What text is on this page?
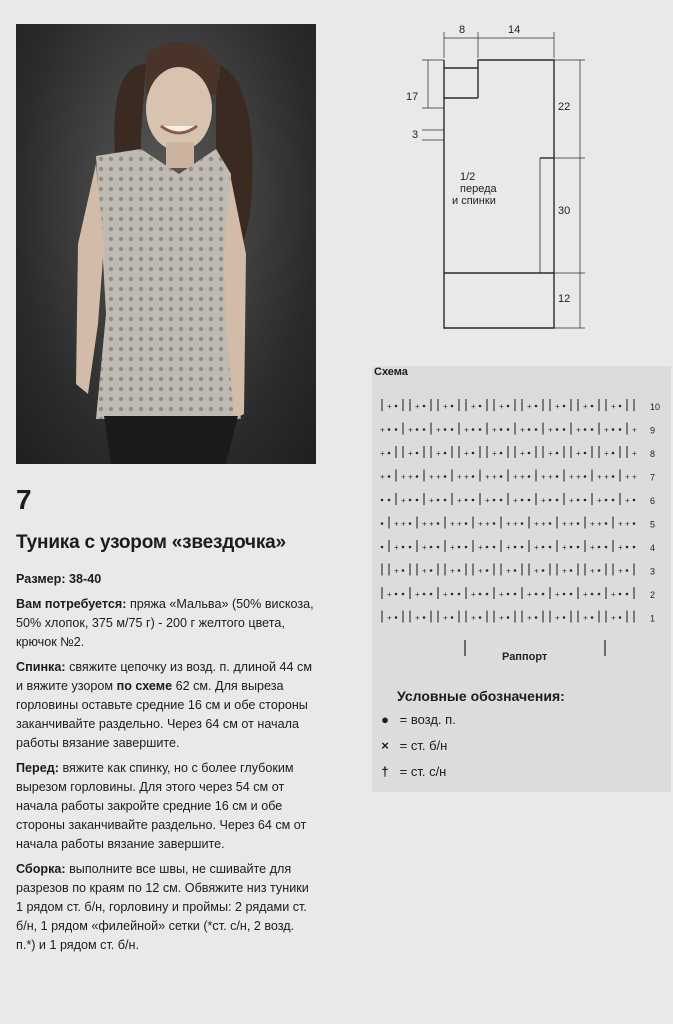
8	14
17
3
22
30
12
1/2
переда
и спинки
Схема
+	+	+	+	+	+	+	+	+
+	+	+	+	+	+	+	+	+	+
+	+	+	+	+	+	+	+	+	+
+ + + + + + + + + + + + + + + + + + +
+	+	+	+	+	+	+	+	+
+ + + + + + + + + + + + + + + + + +
+	+	+	+	+	+	+	+	+
+	+	+	+	+	+	+	+	+
+	+	+	+	+	+	+	+	+
+	+	+	+	+	+	+	+	+
10
9
8
7
6
5
4
3
2
1
Раппорт
Условные обозначения:
● = возд. п.
× = ст. б/н
† = ст. с/н
7
Туника с узором «звездочка»

Размер: 38-40

Вам потребуется: пряжа «Мальва» (50% вискоза, 50% хлопок, 375 м/75 г) - 200 г желтого цвета, крючок №2.

Спинка: свяжите цепочку из возд. п. длиной 44 см и вяжите узором по схеме 62 см. Для выреза горловины оставьте средние 16 см и обе стороны заканчивайте раздельно. Через 64 см от начала работы вязание завершите.

Перед: вяжите как спинку, но с более глубоким вырезом горловины. Для этого через 54 см от начала работы закройте средние 16 см и обе стороны заканчивайте раздельно. Через 64 см от начала работы вязание завершите.

Сборка: выполните все швы, не сшивайте для разрезов по краям по 12 см. Обвяжите низ туники 1 рядом ст. б/н, горловину и проймы: 2 рядами ст. б/н, 1 рядом «филейной» сетки (*ст. с/н, 2 возд. п.*) и 1 рядом ст. б/н.
